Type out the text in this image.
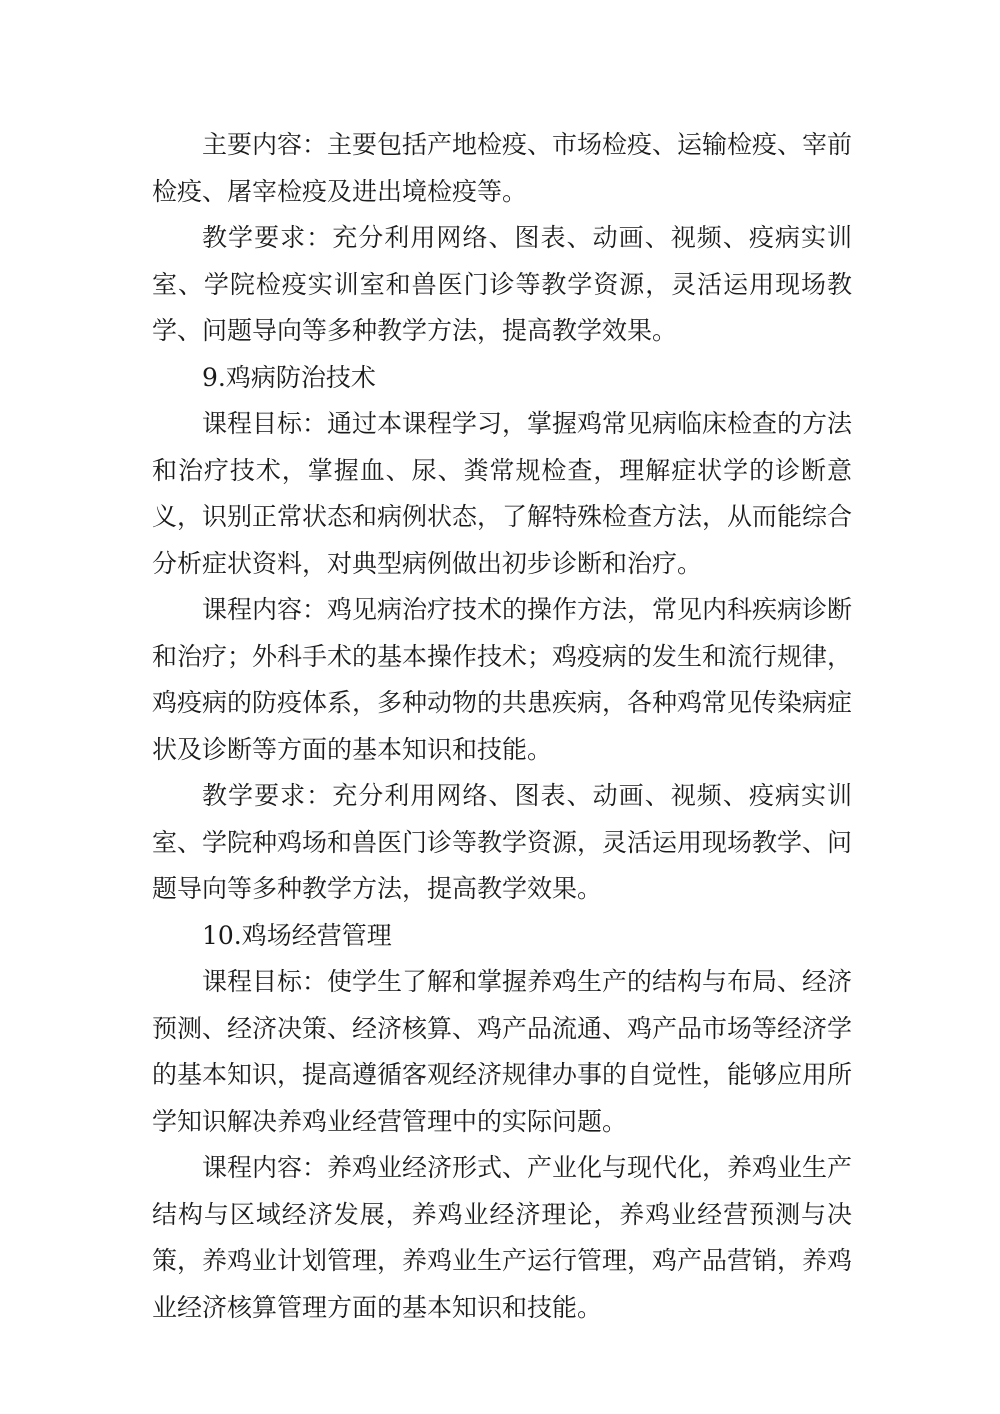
主要内容：主要包括产地检疫、市场检疫、运输检疫、宰前检疫、屠宰检疫及进出境检疫等。

教学要求：充分利用网络、图表、动画、视频、疫病实训室、学院检疫实训室和兽医门诊等教学资源，灵活运用现场教学、问题导向等多种教学方法，提高教学效果。

9.鸡病防治技术

课程目标：通过本课程学习，掌握鸡常见病临床检查的方法和治疗技术，掌握血、尿、粪常规检查，理解症状学的诊断意义，识别正常状态和病例状态，了解特殊检查方法，从而能综合分析症状资料，对典型病例做出初步诊断和治疗。

课程内容：鸡见病治疗技术的操作方法，常见内科疾病诊断和治疗；外科手术的基本操作技术；鸡疫病的发生和流行规律，鸡疫病的防疫体系，多种动物的共患疾病，各种鸡常见传染病症状及诊断等方面的基本知识和技能。

教学要求：充分利用网络、图表、动画、视频、疫病实训室、学院种鸡场和兽医门诊等教学资源，灵活运用现场教学、问题导向等多种教学方法，提高教学效果。

10.鸡场经营管理

课程目标：使学生了解和掌握养鸡生产的结构与布局、经济预测、经济决策、经济核算、鸡产品流通、鸡产品市场等经济学的基本知识，提高遵循客观经济规律办事的自觉性，能够应用所学知识解决养鸡业经营管理中的实际问题。

课程内容：养鸡业经济形式、产业化与现代化，养鸡业生产结构与区域经济发展，养鸡业经济理论，养鸡业经营预测与决策，养鸡业计划管理，养鸡业生产运行管理，鸡产品营销，养鸡业经济核算管理方面的基本知识和技能。
